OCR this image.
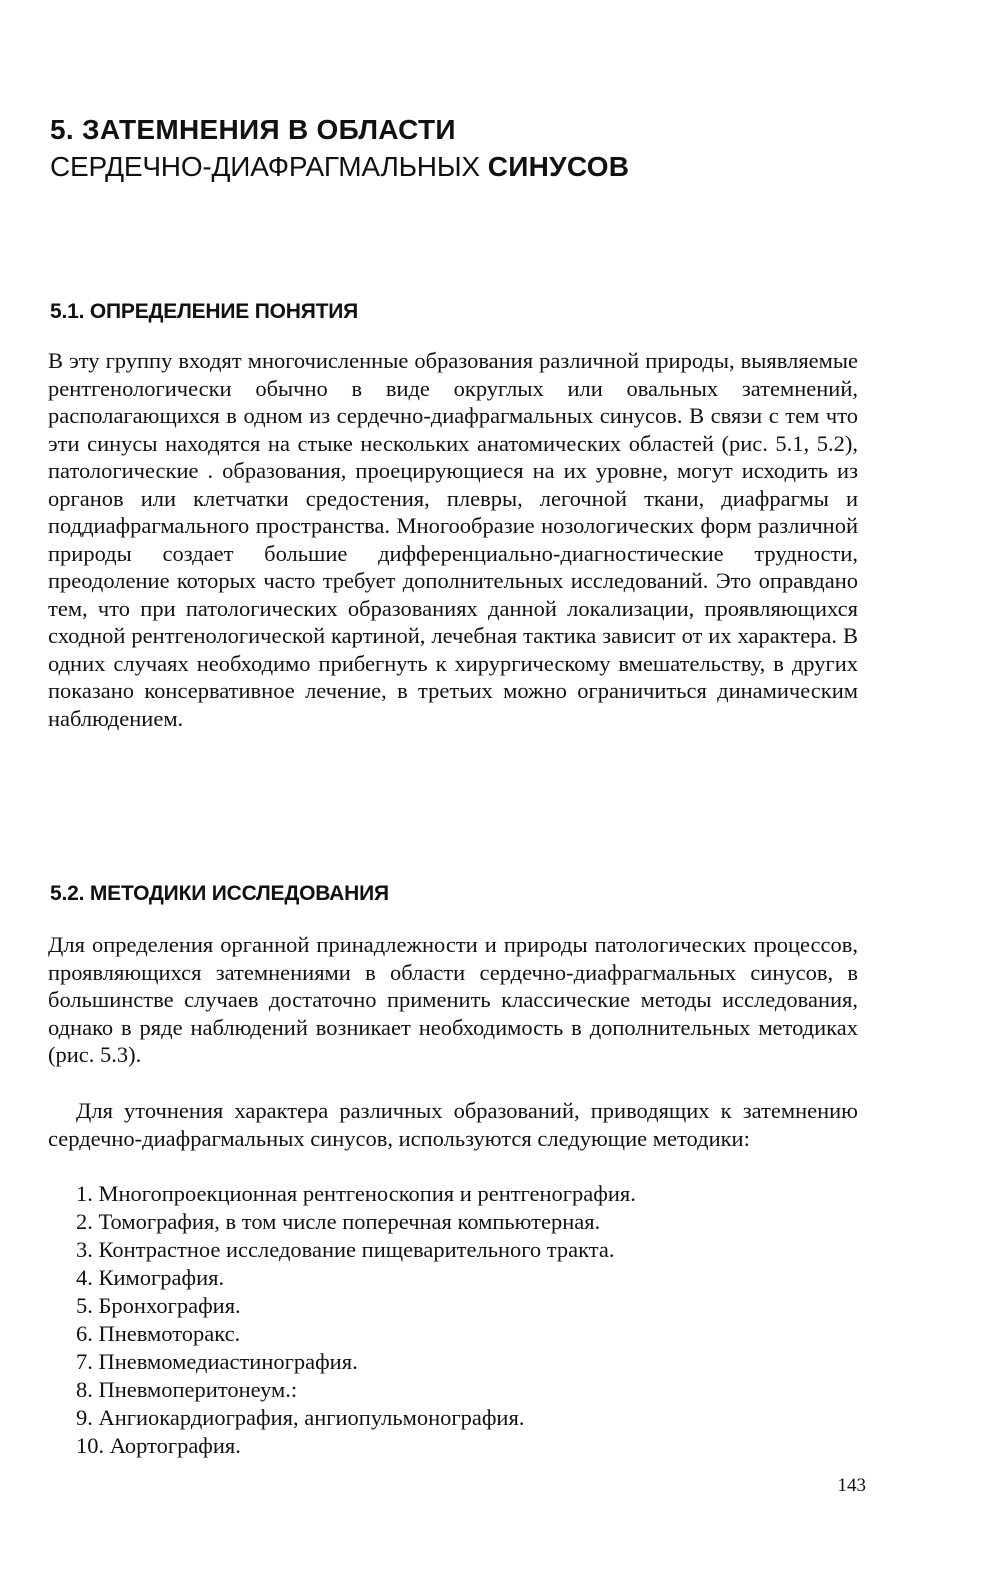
5. ЗАТЕМНЕНИЯ В ОБЛАСТИ
СЕРДЕЧНО-ДИАФРАГМАЛЬНЫХ СИНУСОВ
5.1. ОПРЕДЕЛЕНИЕ ПОНЯТИЯ

В эту группу входят многочисленные образования различной природы, выявляемые рентгенологически обычно в виде округлых или овальных затемнений, располагающихся в одном из сердечно-диафрагмальных синусов. В связи с тем что эти синусы находятся на стыке нескольких анатомических областей (рис. 5.1, 5.2), патологические . образования, проецирующиеся на их уровне, могут исходить из органов или клетчатки средостения, плевры, легочной ткани, диафрагмы и поддиафрагмального пространства. Многообразие нозологических форм различной природы создает большие дифференциально-диагностические трудности, преодоление которых часто требует дополнительных исследований. Это оправдано тем, что при патологических образованиях данной локализации, проявляющихся сходной рентгенологической картиной, лечебная тактика зависит от их характера. В одних случаях необходимо прибегнуть к хирургическому вмешательству, в других показано консервативное лечение, в третьих можно ограничиться динамическим наблюдением.

5.2. МЕТОДИКИ ИССЛЕДОВАНИЯ

Для определения органной принадлежности и природы патологических процессов, проявляющихся затемнениями в области сердечно-диафрагмальных синусов, в большинстве случаев достаточно применить классические методы исследования, однако в ряде наблюдений возникает необходимость в дополнительных методиках (рис. 5.3).

Для уточнения характера различных образований, приводящих к затемнению сердечно-диафрагмальных синусов, используются следующие методики:

1. Многопроекционная рентгеноскопия и рентгенография.
2. Томография, в том числе поперечная компьютерная.
3. Контрастное исследование пищеварительного тракта.
4. Кимография.
5. Бронхография.
6. Пневмоторакс.
7. Пневмомедиастинография.
8. Пневмоперитонеум.:
9. Ангиокардиография, ангиопульмонография.
10. Аортография.
143
